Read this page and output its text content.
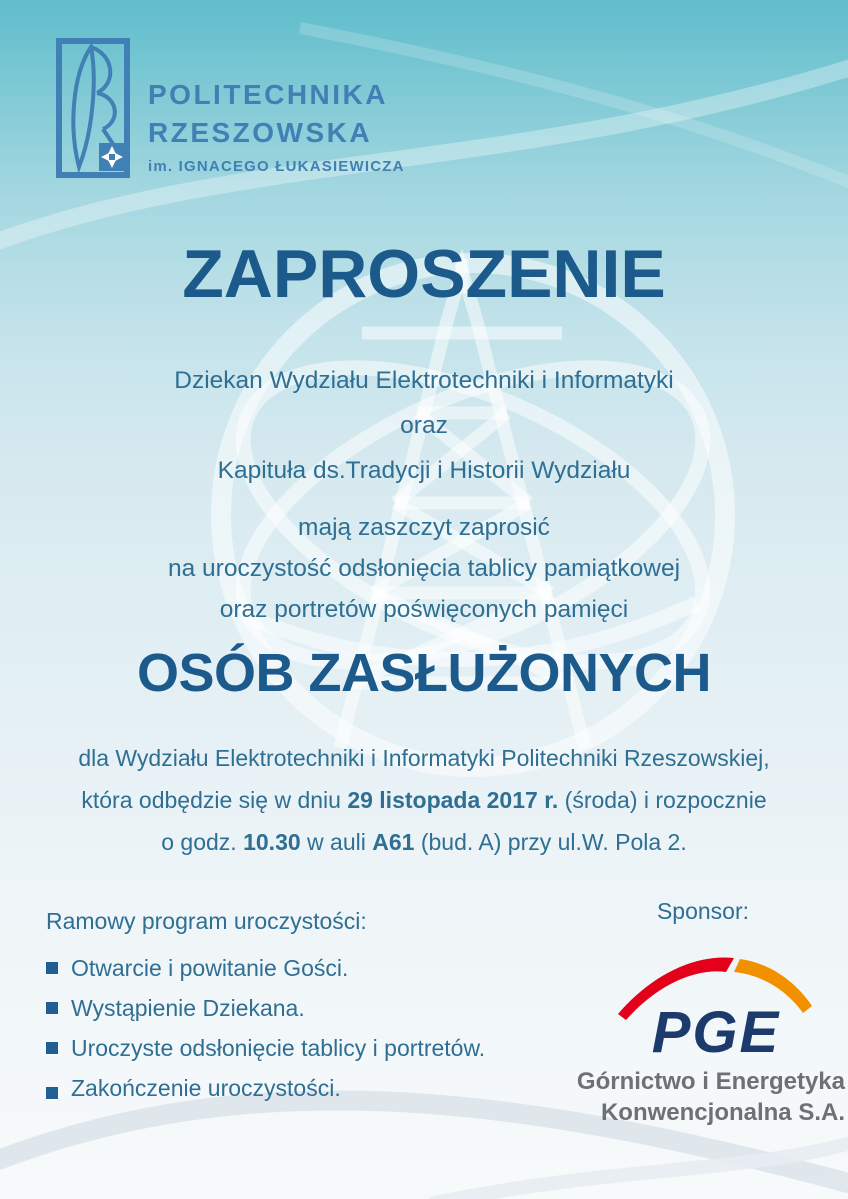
POLITECHNIKA
RZESZOWSKA
im. IGNACEGO ŁUKASIEWICZA
ZAPROSZENIE
Dziekan Wydziału Elektrotechniki i Informatyki
oraz
Kapituła ds.Tradycji i Historii Wydziału
mają zaszczyt zaprosić
na uroczystość odsłonięcia tablicy pamiątkowej
oraz portretów poświęconych pamięci
OSÓB ZASŁUŻONYCH
dla Wydziału Elektrotechniki i Informatyki Politechniki Rzeszowskiej,
która odbędzie się w dniu 29 listopada 2017 r. (środa) i rozpocznie
o godz. 10.30 w auli A61 (bud. A) przy ul.W. Pola 2.
Ramowy program uroczystości:
Otwarcie i powitanie Gości.
Wystąpienie Dziekana.
Uroczyste odsłonięcie tablicy i portretów.
Zakończenie uroczystości.
Sponsor:
PGE
Górnictwo i Energetyka
Konwencjonalna S.A.
